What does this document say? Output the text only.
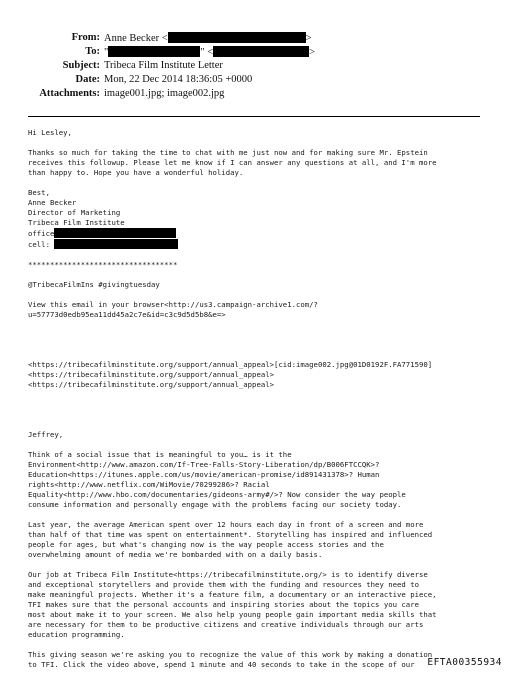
From: Anne Becker <	>
To: "	" <	>
Subject: Tribeca Film Institute Letter
Date: Mon, 22 Dec 2014 18:36:05 +0000
Attachments: image001.jpg; image002.jpg
Hi Lesley,
Thanks so much for taking the time to chat with me just now and for making sure Mr. Epstein
receives this followup. Please let me know if I can answer any questions at all, and I'm more
than happy to. Hope you have a wonderful holiday.
Best,
Anne Becker
Director of Marketing
Tribeca Film Institute
office
cell:
**********************************
@TribecaFilmIns #givingtuesday
View this email in your browser<http://us3.campaign-archive1.com/?
u=57773d0edb95ea11dd45a2c7e&id=c3c9d5d5b8&e=>
<https://tribecafilminstitute.org/support/annual_appeal>[cid:image002.jpg@01D0192F.FA771590]
<https://tribecafilminstitute.org/support/annual_appeal>
<https://tribecafilminstitute.org/support/annual_appeal>
Jeffrey,
Think of a social issue that is meaningful to you… is it the
Environment<http://www.amazon.com/If-Tree-Falls-Story-Liberation/dp/B006FTCCQK>?
Education<https://itunes.apple.com/us/movie/american-promise/id891431378>? Human
rights<http://www.netflix.com/WiMovie/70299286>? Racial
Equality<http://www.hbo.com/documentaries/gideons-army#/>? Now consider the way people
consume information and personally engage with the problems facing our society today.
Last year, the average American spent over 12 hours each day in front of a screen and more
than half of that time was spent on entertainment*. Storytelling has inspired and influenced
people for ages, but what's changing now is the way people access stories and the
overwhelming amount of media we're bombarded with on a daily basis.
Our job at Tribeca Film Institute<https://tribecafilminstitute.org/> is to identify diverse
and exceptional storytellers and provide them with the funding and resources they need to
make meaningful projects. Whether it's a feature film, a documentary or an interactive piece,
TFI makes sure that the personal accounts and inspiring stories about the topics you care
most about make it to your screen. We also help young people gain important media skills that
are necessary for them to be productive citizens and creative individuals through our arts
education programming.
This giving season we're asking you to recognize the value of this work by making a donation
to TFI. Click the video above, spend 1 minute and 40 seconds to take in the scope of our	EFTA00355934
